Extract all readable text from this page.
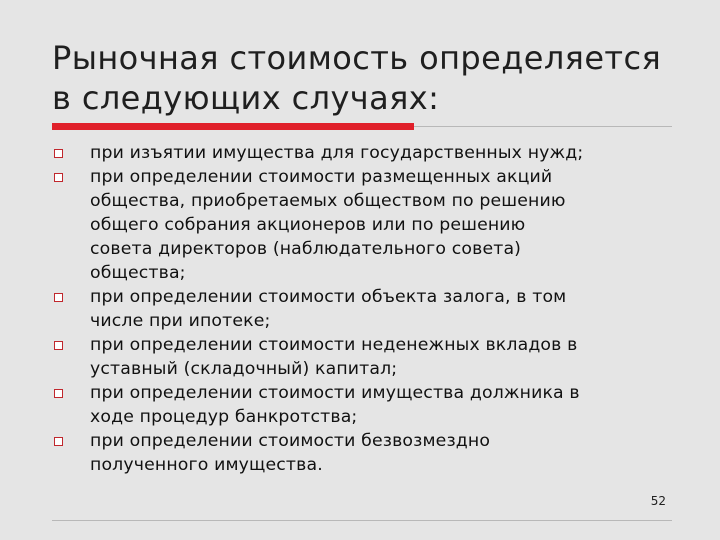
Рыночная стоимость определяется
в следующих случаях:
при изъятии имущества для государственных нужд;
при определении стоимости размещенных акций
общества, приобретаемых обществом по решению
общего собрания акционеров или по решению
совета директоров (наблюдательного совета)
общества;
при определении стоимости объекта залога, в том
числе при ипотеке;
при определении стоимости неденежных вкладов в
уставный (складочный) капитал;
при определении стоимости имущества должника в
ходе процедур банкротства;
при определении стоимости безвозмездно
полученного имущества.
52
